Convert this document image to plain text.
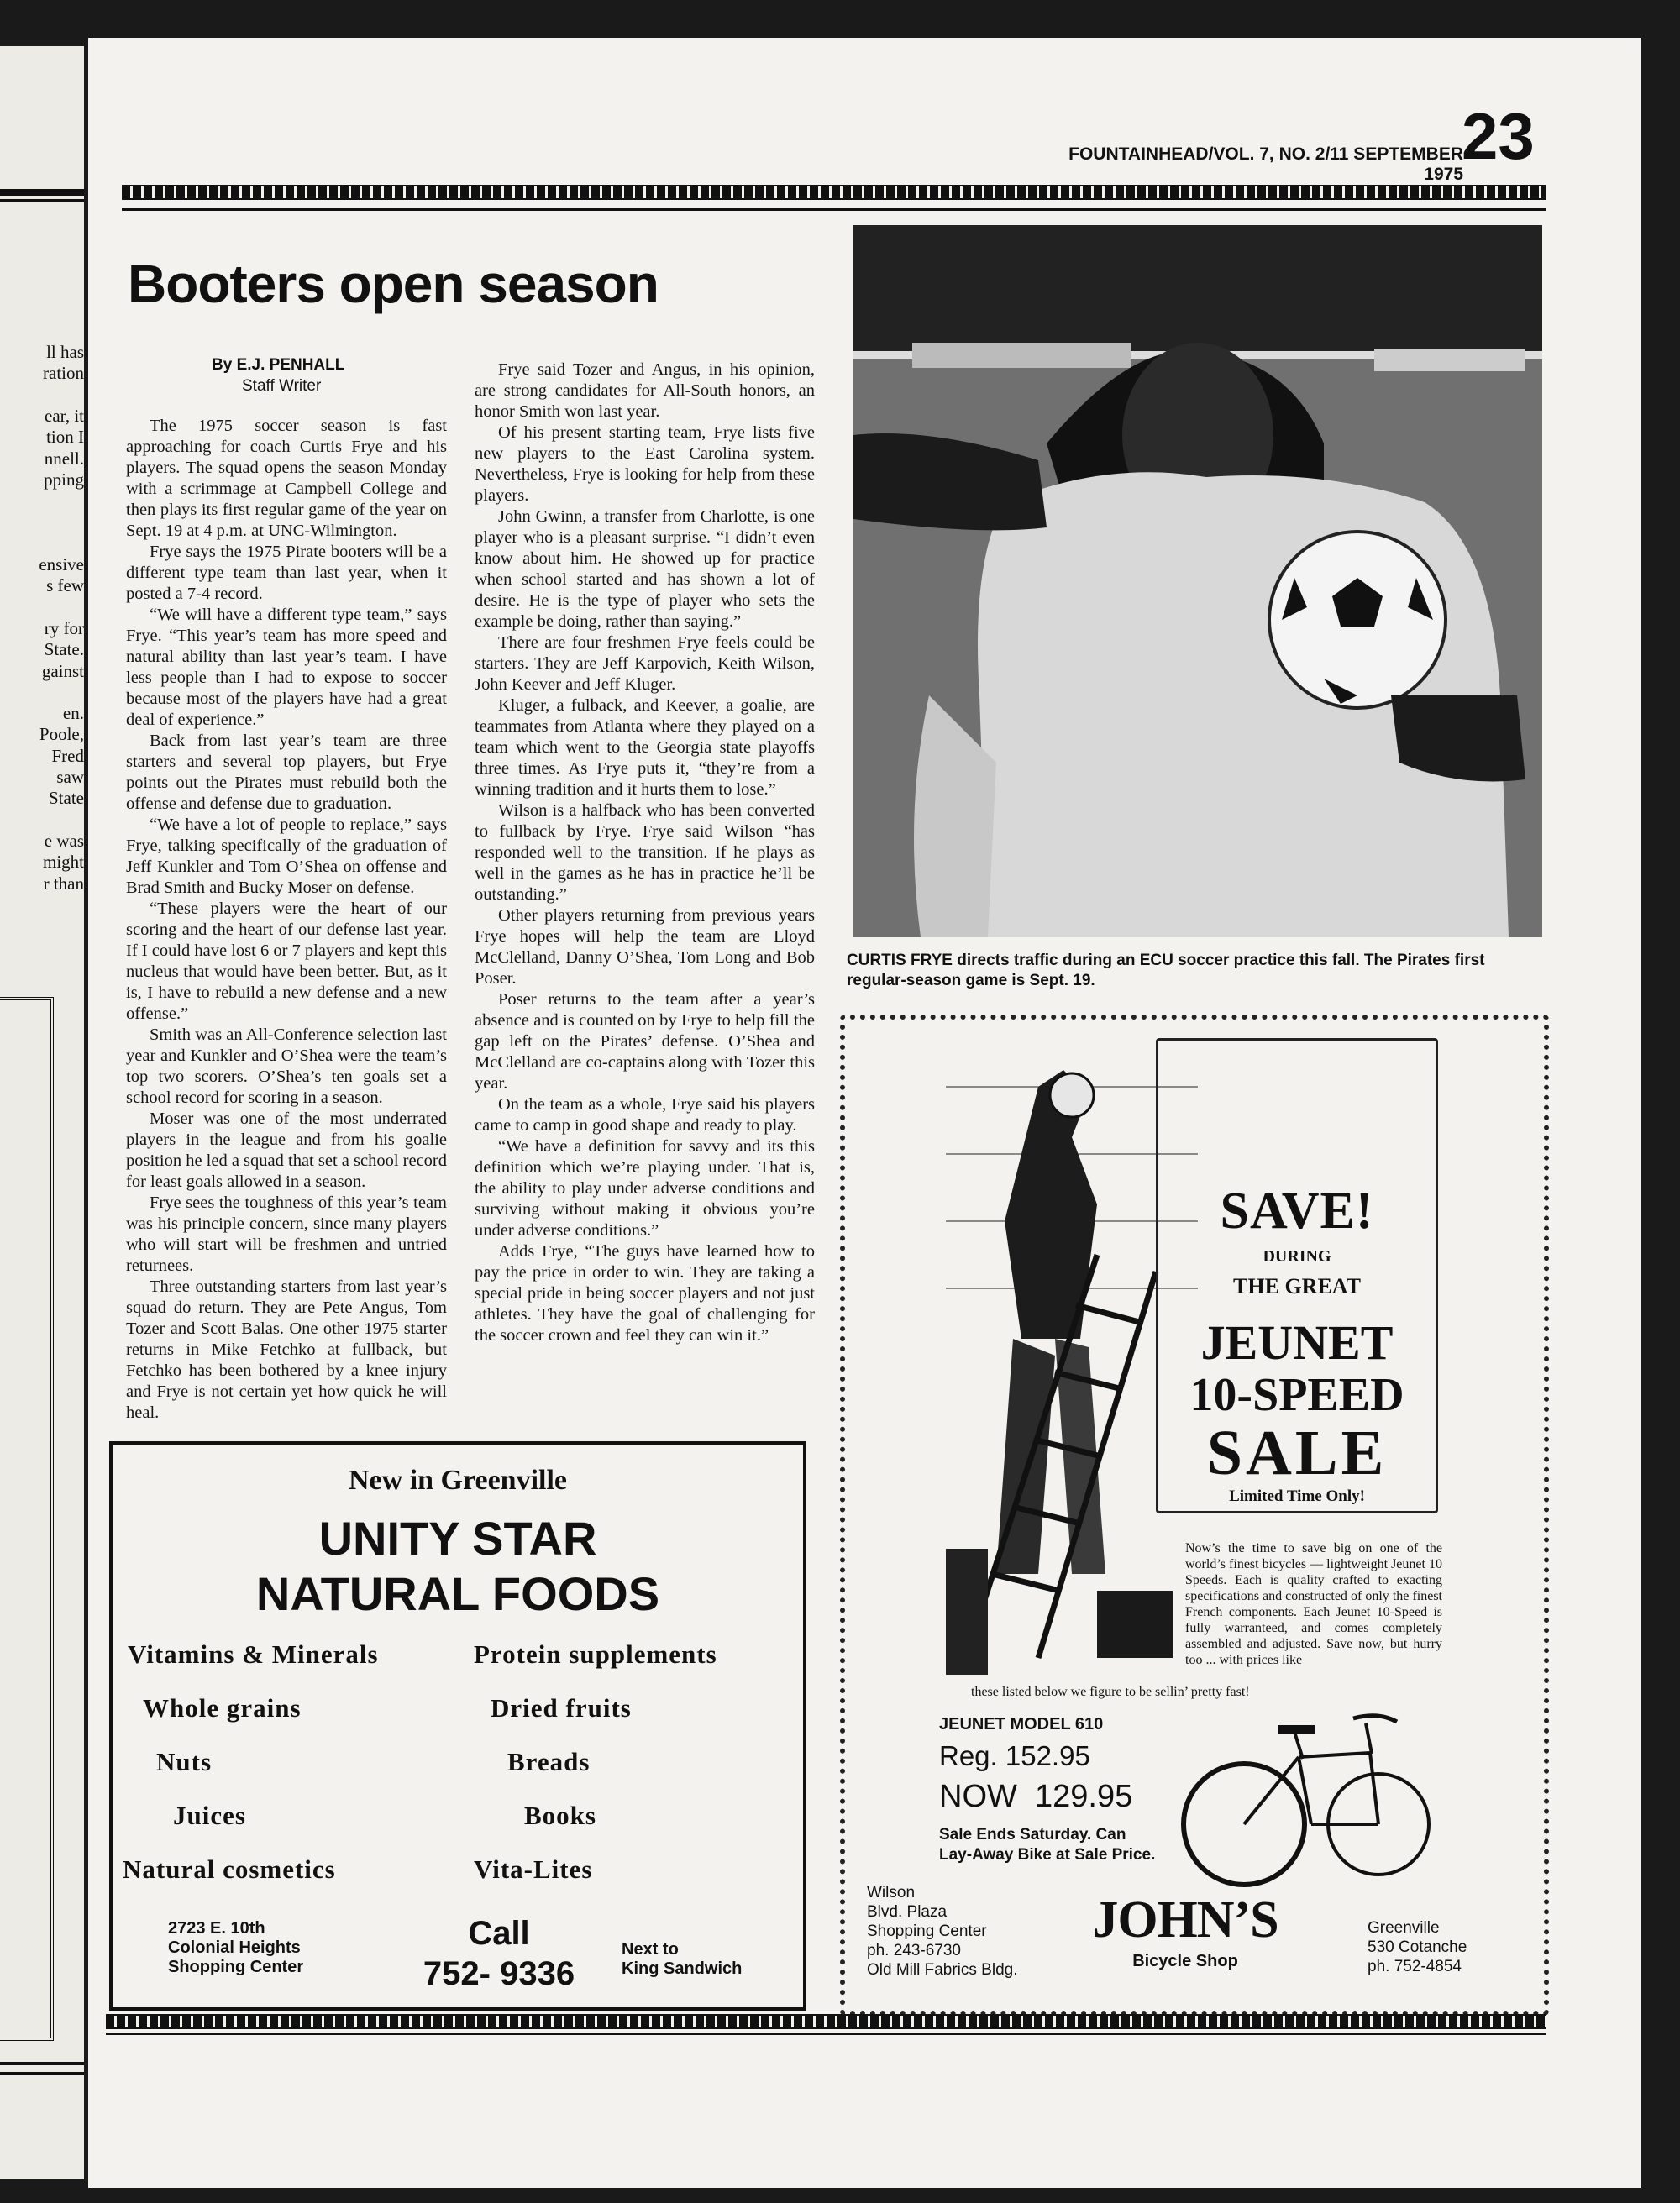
ll has
ration
ear, it
tion I
nnell.
pping
ensive
s few
ry for
State.
gainst
en.
Poole,
Fred
saw
State
e was
might
r than
FOUNTAINHEAD/VOL. 7, NO. 2/11 SEPTEMBER 1975
23
Booters open season
By E.J. PENHALL
Staff Writer

The 1975 soccer season is fast approaching for coach Curtis Frye and his players. The squad opens the season Monday with a scrimmage at Campbell College and then plays its first regular game of the year on Sept. 19 at 4 p.m. at UNC-Wilmington.

Frye says the 1975 Pirate booters will be a different type team than last year, when it posted a 7-4 record.

“We will have a different type team,” says Frye. “This year’s team has more speed and natural ability than last year’s team. I have less people than I had to expose to soccer because most of the players have had a great deal of experience.”

Back from last year’s team are three starters and several top players, but Frye points out the Pirates must rebuild both the offense and defense due to graduation.

“We have a lot of people to replace,” says Frye, talking specifically of the graduation of Jeff Kunkler and Tom O’Shea on offense and Brad Smith and Bucky Moser on defense.

“These players were the heart of our scoring and the heart of our defense last year. If I could have lost 6 or 7 players and kept this nucleus that would have been better. But, as it is, I have to rebuild a new defense and a new offense.”

Smith was an All-Conference selection last year and Kunkler and O’Shea were the team’s top two scorers. O’Shea’s ten goals set a school record for scoring in a season.

Moser was one of the most underrated players in the league and from his goalie position he led a squad that set a school record for least goals allowed in a season.

Frye sees the toughness of this year’s team was his principle concern, since many players who will start will be freshmen and untried returnees.

Three outstanding starters from last year’s squad do return. They are Pete Angus, Tom Tozer and Scott Balas. One other 1975 starter returns in Mike Fetchko at fullback, but Fetchko has been bothered by a knee injury and Frye is not certain yet how quick he will heal.

Frye said Tozer and Angus, in his opinion, are strong candidates for All-South honors, an honor Smith won last year.

Of his present starting team, Frye lists five new players to the East Carolina system. Nevertheless, Frye is looking for help from these players.

John Gwinn, a transfer from Charlotte, is one player who is a pleasant surprise. “I didn’t even know about him. He showed up for practice when school started and has shown a lot of desire. He is the type of player who sets the example be doing, rather than saying.”

There are four freshmen Frye feels could be starters. They are Jeff Karpovich, Keith Wilson, John Keever and Jeff Kluger.

Kluger, a fulback, and Keever, a goalie, are teammates from Atlanta where they played on a team which went to the Georgia state playoffs three times. As Frye puts it, “they’re from a winning tradition and it hurts them to lose.”

Wilson is a halfback who has been converted to fullback by Frye. Frye said Wilson “has responded well to the transition. If he plays as well in the games as he has in practice he’ll be outstanding.”

Other players returning from previous years Frye hopes will help the team are Lloyd McClelland, Danny O’Shea, Tom Long and Bob Poser.

Poser returns to the team after a year’s absence and is counted on by Frye to help fill the gap left on the Pirates’ defense. O’Shea and McClelland are co-captains along with Tozer this year.

On the team as a whole, Frye said his players came to camp in good shape and ready to play.

“We have a definition for savvy and its this definition which we’re playing under. That is, the ability to play under adverse conditions and surviving without making it obvious you’re under adverse conditions.”

Adds Frye, “The guys have learned how to pay the price in order to win. They are taking a special pride in being soccer players and not just athletes. They have the goal of challenging for the soccer crown and feel they can win it.”

CURTIS FRYE directs traffic during an ECU soccer practice this fall. The Pirates first regular-season game is Sept. 19.
New in Greenville
UNITY STAR
NATURAL FOODS
Vitamins & Minerals
Whole grains
Nuts
Juices
Natural cosmetics
Protein supplements
Dried fruits
Breads
Books
Vita-Lites
2723 E. 10th
Colonial Heights
Shopping Center
Call
752- 9336
Next to
King Sandwich
SAVE!
DURING
THE GREAT
JEUNET
10-SPEED
SALE
Limited Time Only!
Now’s the time to save big on one of the world’s finest bicycles — lightweight Jeunet 10 Speeds. Each is quality crafted to exacting specifications and constructed of only the finest French components. Each Jeunet 10-Speed is fully warranteed, and comes completely assembled and adjusted. Save now, but hurry too ... with prices like
these listed below we figure to be sellin’ pretty fast!
JEUNET MODEL 610
Reg. 152.95
NOW  129.95
Sale Ends Saturday. Can
Lay-Away Bike at Sale Price.
Wilson
Blvd. Plaza
Shopping Center
ph. 243-6730
Old Mill Fabrics Bldg.
JOHN’S
Bicycle Shop
Greenville
530 Cotanche
ph. 752-4854
